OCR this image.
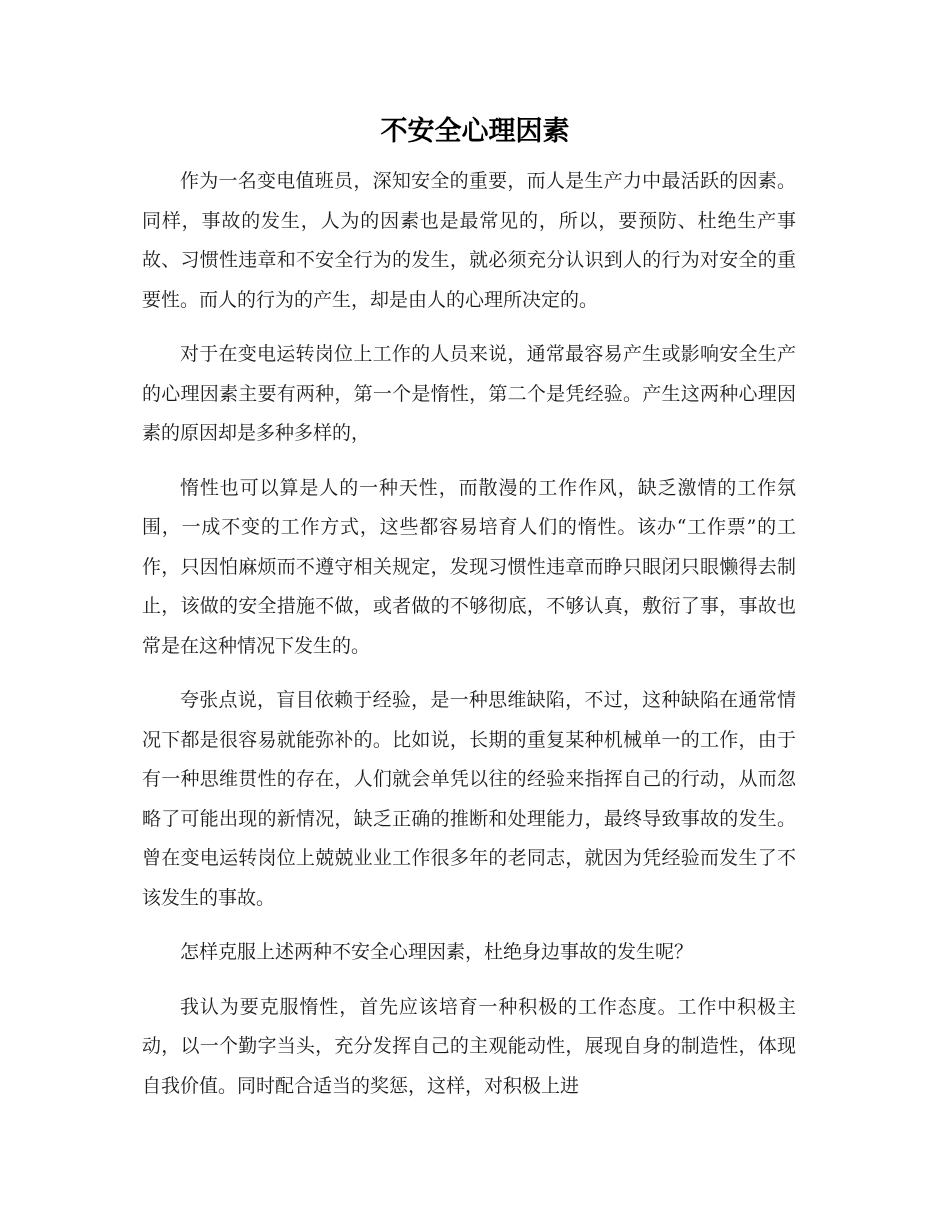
不安全心理因素

作为一名变电值班员，深知安全的重要，而人是生产力中最活跃的因素。同样，事故的发生，人为的因素也是最常见的，所以，要预防、杜绝生产事故、习惯性违章和不安全行为的发生，就必须充分认识到人的行为对安全的重要性。而人的行为的产生，却是由人的心理所决定的。

对于在变电运转岗位上工作的人员来说，通常最容易产生或影响安全生产的心理因素主要有两种，第一个是惰性，第二个是凭经验。产生这两种心理因素的原因却是多种多样的，

惰性也可以算是人的一种天性，而散漫的工作作风，缺乏激情的工作氛围，一成不变的工作方式，这些都容易培育人们的惰性。该办“工作票”的工作，只因怕麻烦而不遵守相关规定，发现习惯性违章而睁只眼闭只眼懒得去制止，该做的安全措施不做，或者做的不够彻底，不够认真，敷衍了事，事故也常是在这种情况下发生的。

夸张点说，盲目依赖于经验，是一种思维缺陷，不过，这种缺陷在通常情况下都是很容易就能弥补的。比如说，长期的重复某种机械单一的工作，由于有一种思维贯性的存在，人们就会单凭以往的经验来指挥自己的行动，从而忽略了可能出现的新情况，缺乏正确的推断和处理能力，最终导致事故的发生。曾在变电运转岗位上兢兢业业工作很多年的老同志，就因为凭经验而发生了不该发生的事故。

怎样克服上述两种不安全心理因素，杜绝身边事故的发生呢？

我认为要克服惰性，首先应该培育一种积极的工作态度。工作中积极主动，以一个勤字当头，充分发挥自己的主观能动性，展现自身的制造性，体现自我价值。同时配合适当的奖惩，这样，对积极上进
